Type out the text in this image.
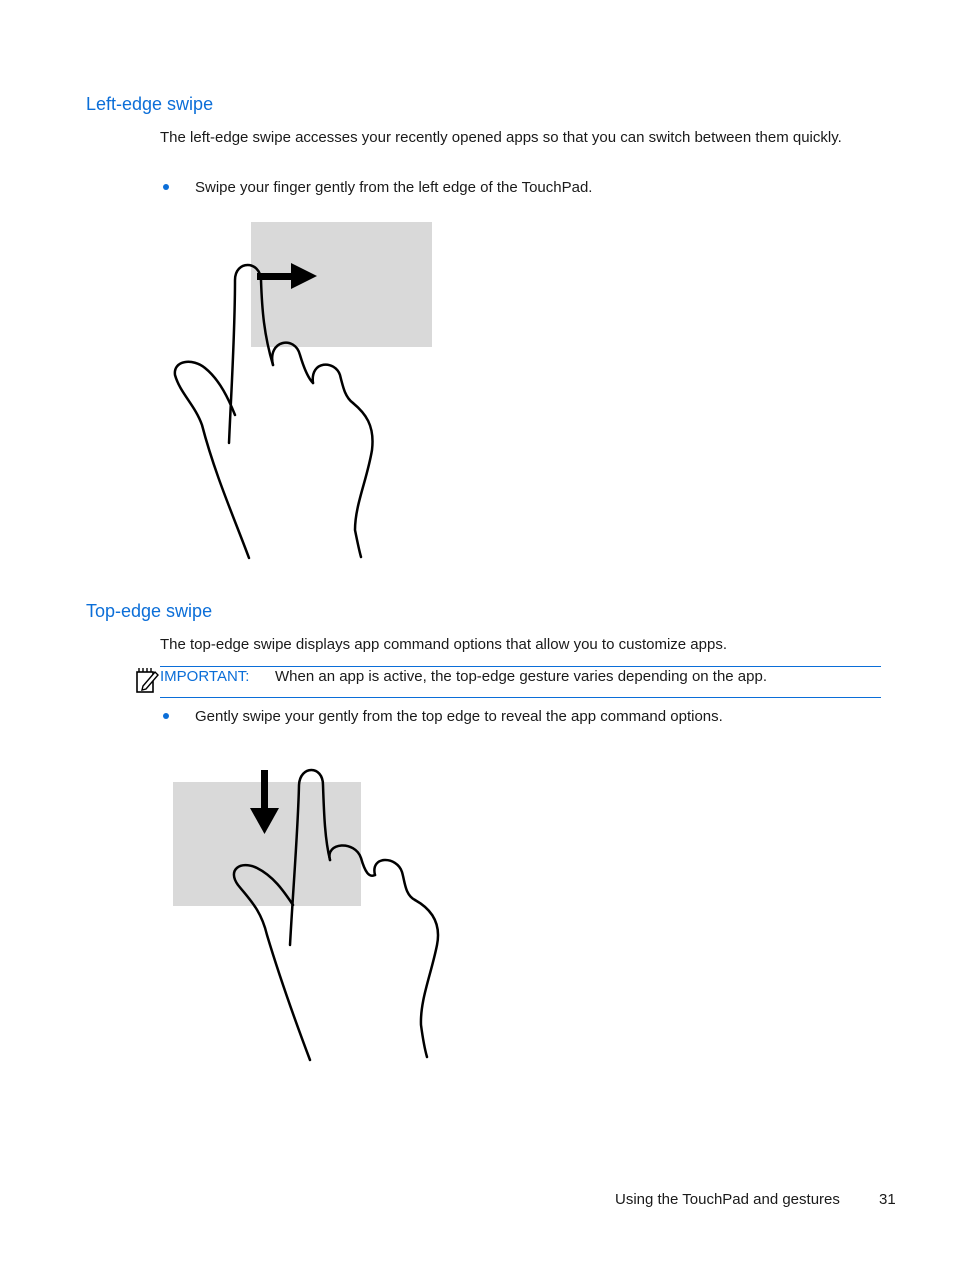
Left-edge swipe

The left-edge swipe accesses your recently opened apps so that you can switch between them quickly.

Swipe your finger gently from the left edge of the TouchPad.
Top-edge swipe

The top-edge swipe displays app command options that allow you to customize apps.

IMPORTANT: When an app is active, the top-edge gesture varies depending on the app.
Gently swipe your gently from the top edge to reveal the app command options.
Using the TouchPad and gestures	31
